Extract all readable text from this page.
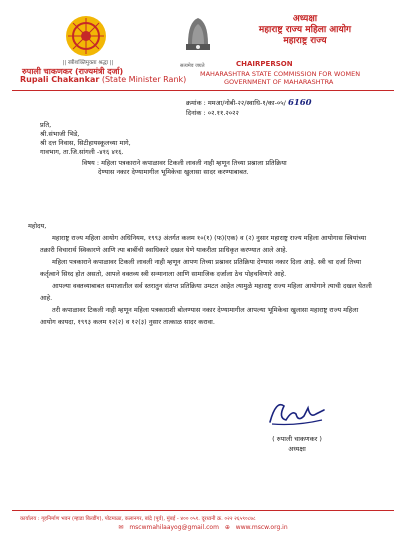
|| स्त्रीशक्तिमुक्ता श्रद्धा ||
रुपाली चाकणकर (राज्यमंत्री दर्जा)
Rupali Chakankar (State Minister Rank)
सत्यमेव जयते
अध्यक्षा
महाराष्ट्र राज्य महिला आयोग
महाराष्ट्र राज्य
CHAIRPERSON
MAHARASHTRA STATE COMMISSION FOR WOMEN
GOVERNMENT OF MAHARASHTRA
क्रमांक : ममआ/नोबी-२२/स्वाधि-१/का-०५/ 6160
दिनांक : ०२.११.२०२२
प्रति,
श्री.संभाजी भिडे,
श्री दत्त निवास, सिटीहायस्कूलच्या मागे,
गावभाग, ता.जि.सांगली -४१६ ४१६.
विषय : महिला पत्रकाराने कपाळावर टिकली लावली नाही म्हणून तिच्या प्रश्नाला प्रतिक्रिया
देण्यास नकार देण्यामागील भूमिकेचा खुलासा सादर करण्याबाबत.

महोदय,

महाराष्ट्र राज्य महिला आयोग अधिनियम, १९९३ अंतर्गत कलम १०(१) (फ)(एक) व (२) नुसार महाराष्ट्र राज्य महिला आयोगास स्त्रियांच्या तक्रारी विचारार्थ स्विकारणे आणि त्या बाबींची स्वाधिकारे दखल घेणे याकरीता प्राधिकृत करण्यात आले आहे.

महिला पत्रकाराने कपाळावर टिकली लावली नाही म्हणून आपण तिच्या प्रश्नावर प्रतिक्रिया देण्यास नकार दिला आहे. स्त्री चा दर्जा तिच्या कर्तृत्वाने सिध्द होत असतो, आपले वक्तव्य स्त्री सन्मानाला आणि सामाजिक दर्जाला ठेच पोहचविणारे आहे.

आपल्या वक्तव्याबाबत समाजातील सर्व स्तरातुन संतप्त प्रतिक्रिया उमटत आहेत त्यामुळे महाराष्ट्र राज्य महिला आयोगाने त्याची दखल घेतली आहे.

तरी कपाळावर टिकली नाही म्हणून महिला पत्रकाराशी बोलण्यास नकार देण्यामागील आपल्या भूमिकेचा खुलासा महाराष्ट्र राज्य महिला आयोग कायदा, १९९३ कलम १२(२) व १२(३) नुसार तात्काळ सादर करावा.

( रुपाली चाकणकर )
अध्यक्षा
कार्यालय : गृहनिर्माण भवन (म्हाडा बिल्डींग), पोटमाळा, कलानगर, बांद्रे (पूर्व), मुंबई - ४०० ०५१. दूरध्वनी क्र. ०२२ २६५९०८७८
✉ mscwmahilaayog@gmail.com ⊕ www.mscw.org.in
